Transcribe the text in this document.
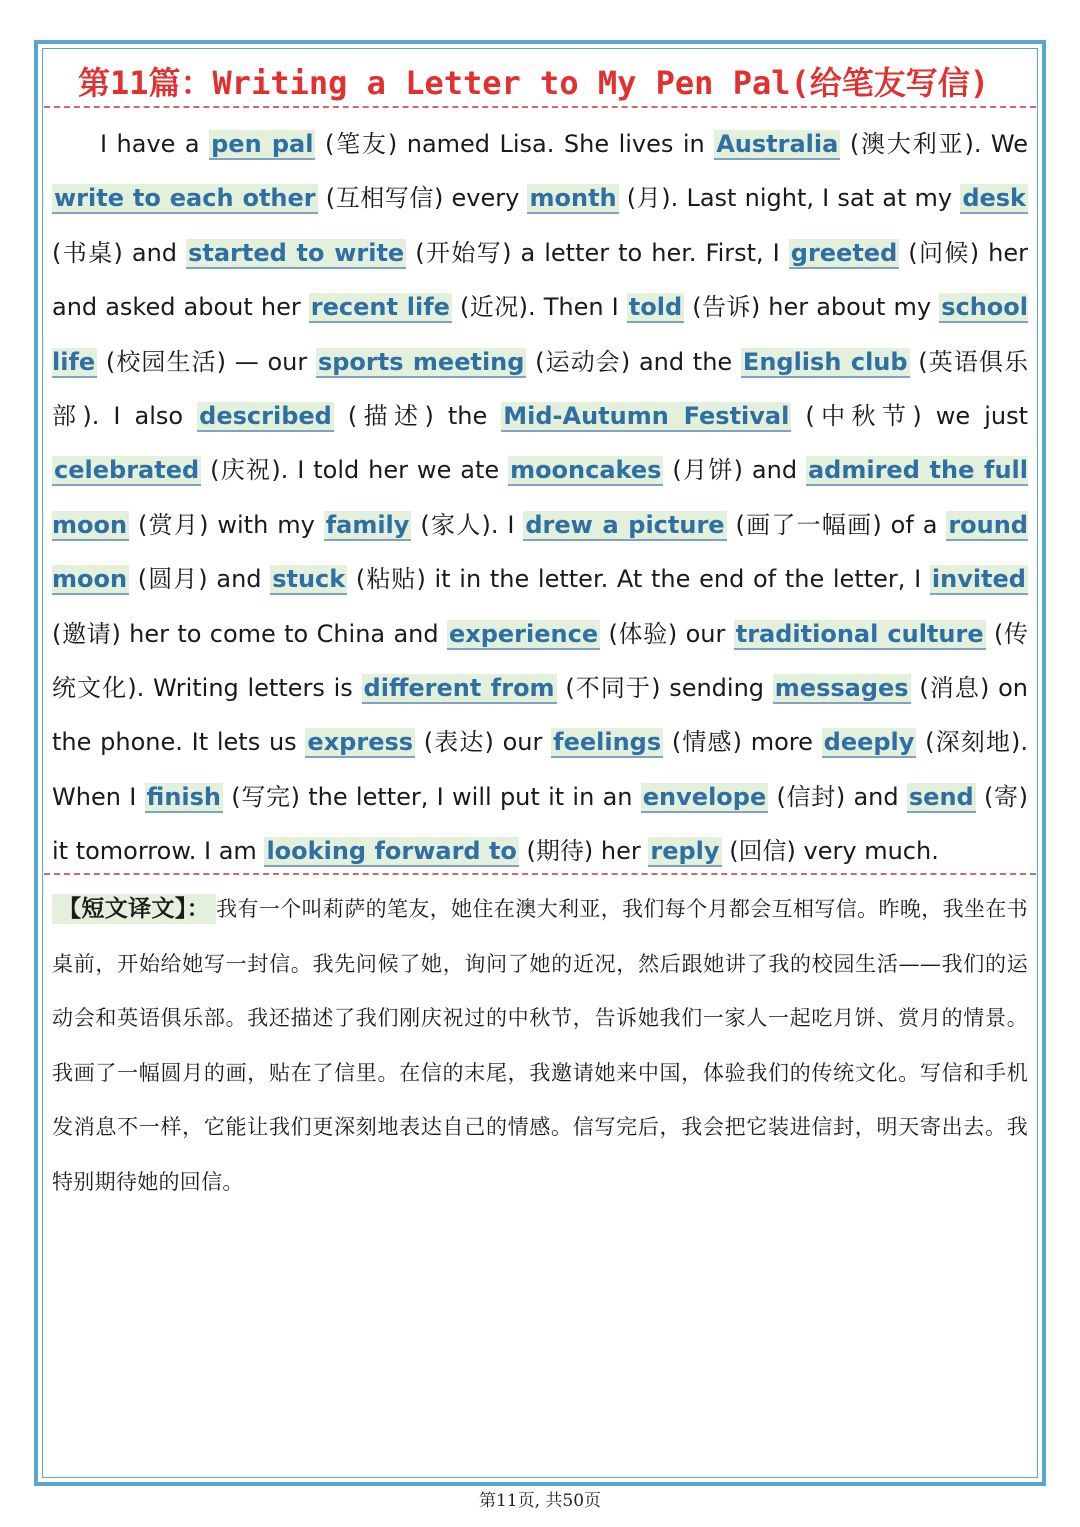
第11篇：Writing a Letter to My Pen Pal(给笔友写信)

I have a pen pal (笔友) named Lisa. She lives in Australia (澳大利亚). We write to each other (互相写信) every month (月). Last night, I sat at my desk (书桌) and started to write (开始写) a letter to her. First, I greeted (问候) her and asked about her recent life (近况). Then I told (告诉) her about my school life (校园生活) — our sports meeting (运动会) and the English club (英语俱乐部). I also described (描述) the Mid-Autumn Festival (中秋节) we just celebrated (庆祝). I told her we ate mooncakes (月饼) and admired the full moon (赏月) with my family (家人). I drew a picture (画了一幅画) of a round moon (圆月) and stuck (粘贴) it in the letter. At the end of the letter, I invited (邀请) her to come to China and experience (体验) our traditional culture (传统文化). Writing letters is different from (不同于) sending messages (消息) on the phone. It lets us express (表达) our feelings (情感) more deeply (深刻地). When I finish (写完) the letter, I will put it in an envelope (信封) and send (寄) it tomorrow. I am looking forward to (期待) her reply (回信) very much.

【短文译文】： 我有一个叫莉萨的笔友，她住在澳大利亚，我们每个月都会互相写信。昨晚，我坐在书桌前，开始给她写一封信。我先问候了她，询问了她的近况，然后跟她讲了我的校园生活——我们的运动会和英语俱乐部。我还描述了我们刚庆祝过的中秋节，告诉她我们一家人一起吃月饼、赏月的情景。我画了一幅圆月的画，贴在了信里。在信的末尾，我邀请她来中国，体验我们的传统文化。写信和手机发消息不一样，它能让我们更深刻地表达自己的情感。信写完后，我会把它装进信封，明天寄出去。我特别期待她的回信。

第11页, 共50页
